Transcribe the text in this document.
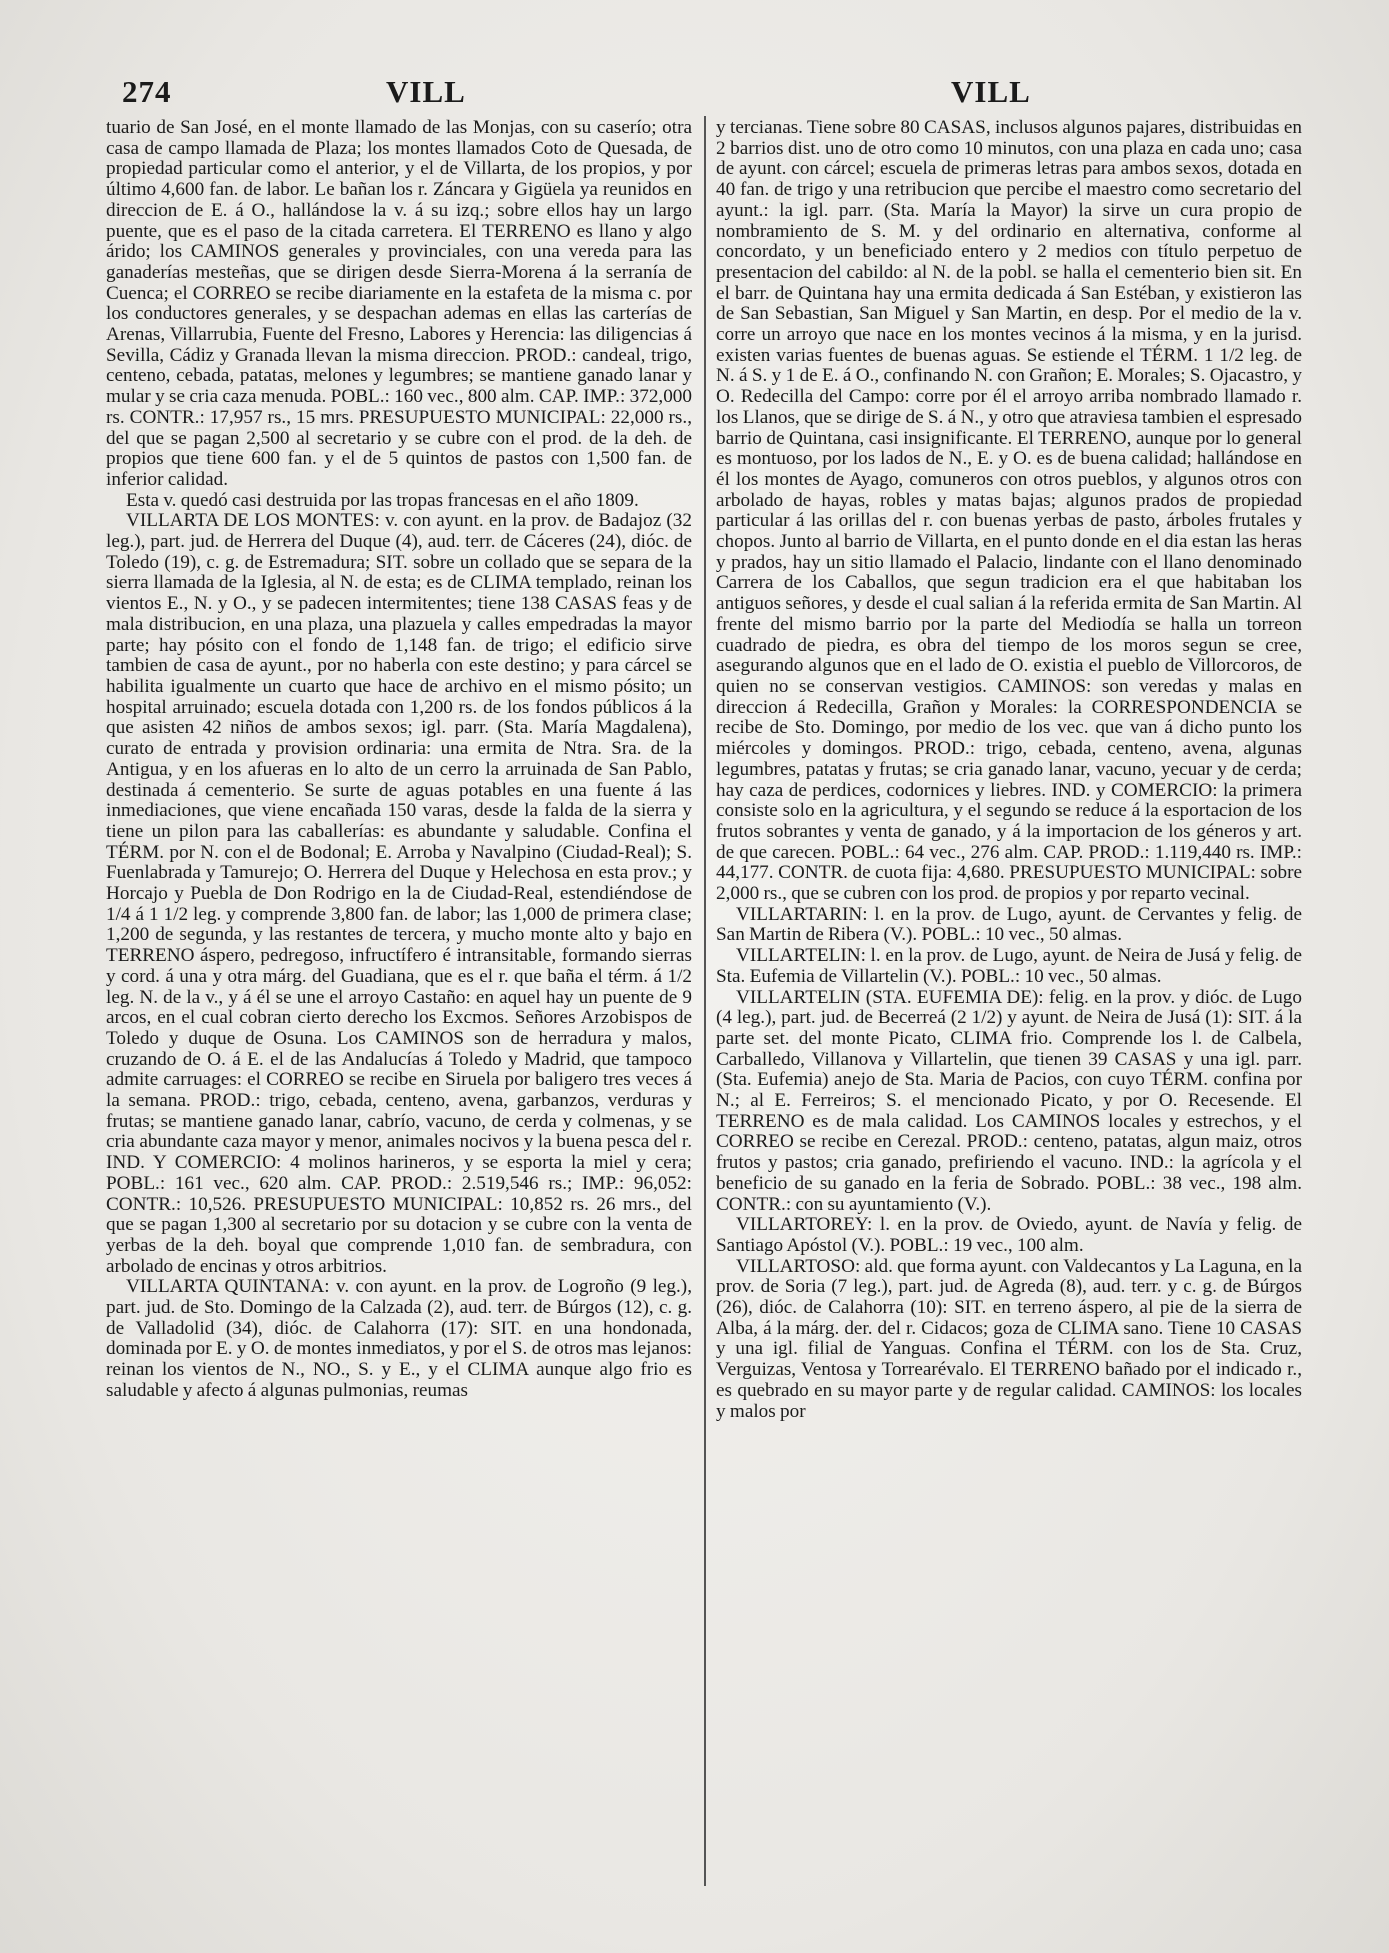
274	VILL	VILL

tuario de San José, en el monte llamado de las Monjas, con su caserío; otra casa de campo llamada de Plaza; los montes llamados Coto de Quesada, de propiedad particular como el anterior, y el de Villarta, de los propios, y por último 4,600 fan. de labor. Le bañan los r. Záncara y Gigüela ya reunidos en direccion de E. á O., hallándose la v. á su izq.; sobre ellos hay un largo puente, que es el paso de la citada carretera. El TERRENO es llano y algo árido; los CAMINOS generales y provinciales, con una vereda para las ganaderías mesteñas, que se dirigen desde Sierra-Morena á la serranía de Cuenca; el CORREO se recibe diariamente en la estafeta de la misma c. por los conductores generales, y se despachan ademas en ellas las carterías de Arenas, Villarrubia, Fuente del Fresno, Labores y Herencia: las diligencias á Sevilla, Cádiz y Granada llevan la misma direccion. PROD.: candeal, trigo, centeno, cebada, patatas, melones y legumbres; se mantiene ganado lanar y mular y se cria caza menuda. POBL.: 160 vec., 800 alm. CAP. IMP.: 372,000 rs. CONTR.: 17,957 rs., 15 mrs. PRESUPUESTO MUNICIPAL: 22,000 rs., del que se pagan 2,500 al secretario y se cubre con el prod. de la deh. de propios que tiene 600 fan. y el de 5 quintos de pastos con 1,500 fan. de inferior calidad.

Esta v. quedó casi destruida por las tropas francesas en el año 1809.

VILLARTA DE LOS MONTES: v. con ayunt. en la prov. de Badajoz (32 leg.), part. jud. de Herrera del Duque (4), aud. terr. de Cáceres (24), dióc. de Toledo (19), c. g. de Estremadura; SIT. sobre un collado que se separa de la sierra llamada de la Iglesia, al N. de esta; es de CLIMA templado, reinan los vientos E., N. y O., y se padecen intermitentes; tiene 138 CASAS feas y de mala distribucion, en una plaza, una plazuela y calles empedradas la mayor parte; hay pósito con el fondo de 1,148 fan. de trigo; el edificio sirve tambien de casa de ayunt., por no haberla con este destino; y para cárcel se habilita igualmente un cuarto que hace de archivo en el mismo pósito; un hospital arruinado; escuela dotada con 1,200 rs. de los fondos públicos á la que asisten 42 niños de ambos sexos; igl. parr. (Sta. María Magdalena), curato de entrada y provision ordinaria: una ermita de Ntra. Sra. de la Antigua, y en los afueras en lo alto de un cerro la arruinada de San Pablo, destinada á cementerio. Se surte de aguas potables en una fuente á las inmediaciones, que viene encañada 150 varas, desde la falda de la sierra y tiene un pilon para las caballerías: es abundante y saludable. Confina el TÉRM. por N. con el de Bodonal; E. Arroba y Navalpino (Ciudad-Real); S. Fuenlabrada y Tamurejo; O. Herrera del Duque y Helechosa en esta prov.; y Horcajo y Puebla de Don Rodrigo en la de Ciudad-Real, estendiéndose de 1/4 á 1 1/2 leg. y comprende 3,800 fan. de labor; las 1,000 de primera clase; 1,200 de segunda, y las restantes de tercera, y mucho monte alto y bajo en TERRENO áspero, pedregoso, infructífero é intransitable, formando sierras y cord. á una y otra márg. del Guadiana, que es el r. que baña el térm. á 1/2 leg. N. de la v., y á él se une el arroyo Castaño: en aquel hay un puente de 9 arcos, en el cual cobran cierto derecho los Excmos. Señores Arzobispos de Toledo y duque de Osuna. Los CAMINOS son de herradura y malos, cruzando de O. á E. el de las Andalucías á Toledo y Madrid, que tampoco admite carruages: el CORREO se recibe en Siruela por baligero tres veces á la semana. PROD.: trigo, cebada, centeno, avena, garbanzos, verduras y frutas; se mantiene ganado lanar, cabrío, vacuno, de cerda y colmenas, y se cria abundante caza mayor y menor, animales nocivos y la buena pesca del r. IND. Y COMERCIO: 4 molinos harineros, y se esporta la miel y cera; POBL.: 161 vec., 620 alm. CAP. PROD.: 2.519,546 rs.; IMP.: 96,052: CONTR.: 10,526. PRESUPUESTO MUNICIPAL: 10,852 rs. 26 mrs., del que se pagan 1,300 al secretario por su dotacion y se cubre con la venta de yerbas de la deh. boyal que comprende 1,010 fan. de sembradura, con arbolado de encinas y otros arbitrios.

VILLARTA QUINTANA: v. con ayunt. en la prov. de Logroño (9 leg.), part. jud. de Sto. Domingo de la Calzada (2), aud. terr. de Búrgos (12), c. g. de Valladolid (34), dióc. de Calahorra (17): SIT. en una hondonada, dominada por E. y O. de montes inmediatos, y por el S. de otros mas lejanos: reinan los vientos de N., NO., S. y E., y el CLIMA aunque algo frio es saludable y afecto á algunas pulmonias, reumas

y tercianas. Tiene sobre 80 CASAS, inclusos algunos pajares, distribuidas en 2 barrios dist. uno de otro como 10 minutos, con una plaza en cada uno; casa de ayunt. con cárcel; escuela de primeras letras para ambos sexos, dotada en 40 fan. de trigo y una retribucion que percibe el maestro como secretario del ayunt.: la igl. parr. (Sta. María la Mayor) la sirve un cura propio de nombramiento de S. M. y del ordinario en alternativa, conforme al concordato, y un beneficiado entero y 2 medios con título perpetuo de presentacion del cabildo: al N. de la pobl. se halla el cementerio bien sit. En el barr. de Quintana hay una ermita dedicada á San Estéban, y existieron las de San Sebastian, San Miguel y San Martin, en desp. Por el medio de la v. corre un arroyo que nace en los montes vecinos á la misma, y en la jurisd. existen varias fuentes de buenas aguas. Se estiende el TÉRM. 1 1/2 leg. de N. á S. y 1 de E. á O., confinando N. con Grañon; E. Morales; S. Ojacastro, y O. Redecilla del Campo: corre por él el arroyo arriba nombrado llamado r. los Llanos, que se dirige de S. á N., y otro que atraviesa tambien el espresado barrio de Quintana, casi insignificante. El TERRENO, aunque por lo general es montuoso, por los lados de N., E. y O. es de buena calidad; hallándose en él los montes de Ayago, comuneros con otros pueblos, y algunos otros con arbolado de hayas, robles y matas bajas; algunos prados de propiedad particular á las orillas del r. con buenas yerbas de pasto, árboles frutales y chopos. Junto al barrio de Villarta, en el punto donde en el dia estan las heras y prados, hay un sitio llamado el Palacio, lindante con el llano denominado Carrera de los Caballos, que segun tradicion era el que habitaban los antiguos señores, y desde el cual salian á la referida ermita de San Martin. Al frente del mismo barrio por la parte del Mediodía se halla un torreon cuadrado de piedra, es obra del tiempo de los moros segun se cree, asegurando algunos que en el lado de O. existia el pueblo de Villorcoros, de quien no se conservan vestigios. CAMINOS: son veredas y malas en direccion á Redecilla, Grañon y Morales: la CORRESPONDENCIA se recibe de Sto. Domingo, por medio de los vec. que van á dicho punto los miércoles y domingos. PROD.: trigo, cebada, centeno, avena, algunas legumbres, patatas y frutas; se cria ganado lanar, vacuno, yecuar y de cerda; hay caza de perdices, codornices y liebres. IND. y COMERCIO: la primera consiste solo en la agricultura, y el segundo se reduce á la esportacion de los frutos sobrantes y venta de ganado, y á la importacion de los géneros y art. de que carecen. POBL.: 64 vec., 276 alm. CAP. PROD.: 1.119,440 rs. IMP.: 44,177. CONTR. de cuota fija: 4,680. PRESUPUESTO MUNICIPAL: sobre 2,000 rs., que se cubren con los prod. de propios y por reparto vecinal.

VILLARTARIN: l. en la prov. de Lugo, ayunt. de Cervantes y felig. de San Martin de Ribera (V.). POBL.: 10 vec., 50 almas.

VILLARTELIN: l. en la prov. de Lugo, ayunt. de Neira de Jusá y felig. de Sta. Eufemia de Villartelin (V.). POBL.: 10 vec., 50 almas.

VILLARTELIN (STA. EUFEMIA DE): felig. en la prov. y dióc. de Lugo (4 leg.), part. jud. de Becerreá (2 1/2) y ayunt. de Neira de Jusá (1): SIT. á la parte set. del monte Picato, CLIMA frio. Comprende los l. de Calbela, Carballedo, Villanova y Villartelin, que tienen 39 CASAS y una igl. parr. (Sta. Eufemia) anejo de Sta. Maria de Pacios, con cuyo TÉRM. confina por N.; al E. Ferreiros; S. el mencionado Picato, y por O. Recesende. El TERRENO es de mala calidad. Los CAMINOS locales y estrechos, y el CORREO se recibe en Cerezal. PROD.: centeno, patatas, algun maiz, otros frutos y pastos; cria ganado, prefiriendo el vacuno. IND.: la agrícola y el beneficio de su ganado en la feria de Sobrado. POBL.: 38 vec., 198 alm. CONTR.: con su ayuntamiento (V.).

VILLARTOREY: l. en la prov. de Oviedo, ayunt. de Navía y felig. de Santiago Apóstol (V.). POBL.: 19 vec., 100 alm.

VILLARTOSO: ald. que forma ayunt. con Valdecantos y La Laguna, en la prov. de Soria (7 leg.), part. jud. de Agreda (8), aud. terr. y c. g. de Búrgos (26), dióc. de Calahorra (10): SIT. en terreno áspero, al pie de la sierra de Alba, á la márg. der. del r. Cidacos; goza de CLIMA sano. Tiene 10 CASAS y una igl. filial de Yanguas. Confina el TÉRM. con los de Sta. Cruz, Verguizas, Ventosa y Torrearévalo. El TERRENO bañado por el indicado r., es quebrado en su mayor parte y de regular calidad. CAMINOS: los locales y malos por
